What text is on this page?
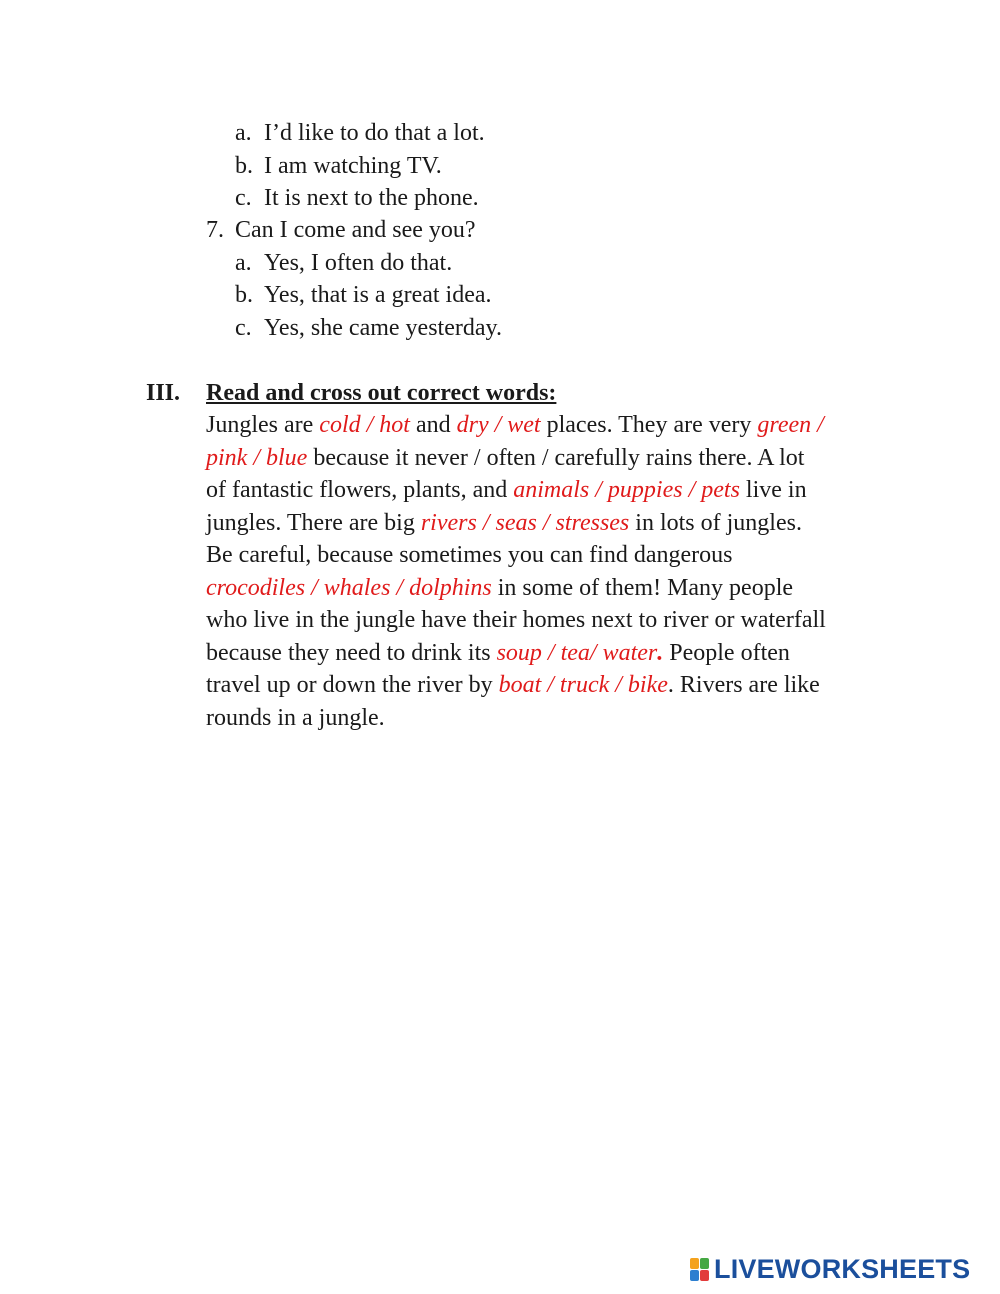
a. I’d like to do that a lot.
b. I am watching TV.
c. It is next to the phone.
7. Can I come and see you?
a. Yes, I often do that.
b. Yes, that is a great idea.
c. Yes, she came yesterday.
III. Read and cross out correct words:
Jungles are cold / hot and dry / wet places. They are very green /
pink / blue because it never / often / carefully rains there. A lot
of fantastic flowers, plants, and animals / puppies / pets live in
jungles. There are big rivers / seas / stresses in lots of jungles.
Be careful, because sometimes you can find dangerous
crocodiles / whales / dolphins in some of them! Many people
who live in the jungle have their homes next to river or waterfall
because they need to drink its soup / tea/ water. People often
travel up or down the river by boat / truck / bike. Rivers are like
rounds in a jungle.
LIVEWORKSHEETS
